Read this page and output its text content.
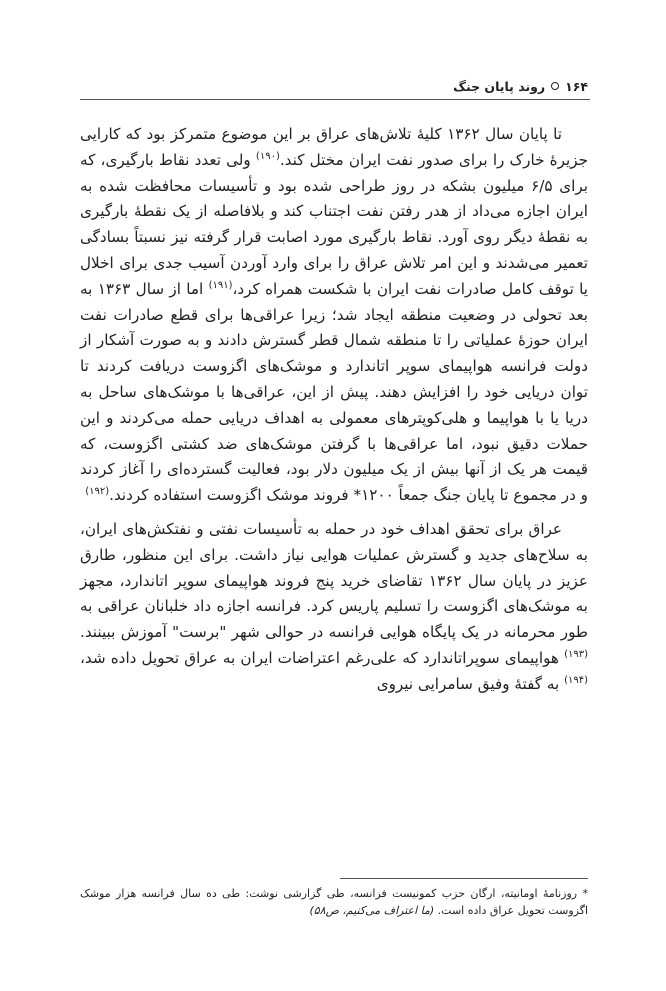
۱۶۴
روند پایان جنگ

تا پایان سال ۱۳۶۲ کلیهٔ تلاش‌های عراق بر این موضوع متمرکز بود که کارایی جزیرهٔ خارک را برای صدور نفت ایران مختل کند.$^{(۱۹۰)}$ ولی تعدد نقاط بارگیری، که برای ۶/۵ میلیون بشکه در روز طراحی شده بود و تأسیسات محافظت شده به ایران اجازه می‌داد از هدر رفتن نفت اجتناب کند و بلافاصله از یک نقطهٔ بارگیری به نقطهٔ دیگر روی آورد. نقاط بارگیری مورد اصابت قرار گرفته نیز نسبتاً بسادگی تعمیر می‌شدند و این امر تلاش عراق را برای وارد آوردن آسیب جدی برای اخلال یا توقف کامل صادرات نفت ایران با شکست همراه کرد،$^{(۱۹۱)}$ اما از سال ۱۳۶۳ به بعد تحولی در وضعیت منطقه ایجاد شد؛ زیرا عراقی‌ها برای قطع صادرات نفت ایران حوزهٔ عملیاتی را تا منطقه شمال قطر گسترش دادند و به صورت آشکار از دولت فرانسه هواپیمای سوپر اتاندارد و موشک‌های اگزوست دریافت کردند تا توان دریایی خود را افزایش دهند. پیش از این، عراقی‌ها با موشک‌های ساحل به دریا یا با هواپیما و هلی‌کوپترهای معمولی به اهداف دریایی حمله می‌کردند و این حملات دقیق نبود، اما عراقی‌ها با گرفتن موشک‌های ضد کشتی اگزوست، که قیمت هر یک از آنها بیش از یک میلیون دلار بود، فعالیت گسترده‌ای را آغاز کردند و در مجموع تا پایان جنگ جمعاً ۱۲۰۰* فروند موشک اگزوست استفاده کردند.$^{(۱۹۲)}$

عراق برای تحقق اهداف خود در حمله به تأسیسات نفتی و نفتکش‌های ایران، به سلاح‌های جدید و گسترش عملیات هوایی نیاز داشت. برای این منظور، طارق عزیز در پایان سال ۱۳۶۲ تقاضای خرید پنج فروند هواپیمای سوپر اتاندارد، مجهز به موشک‌های اگزوست را تسلیم پاریس کرد. فرانسه اجازه داد خلبانان عراقی به طور محرمانه در یک پایگاه هوایی فرانسه در حوالی شهر "برست" آموزش ببینند.$^{(۱۹۳)}$ هواپیمای سوپراتاندارد که علی‌رغم اعتراضات ایران به عراق تحویل داده شد،$^{(۱۹۴)}$ به گفتهٔ وفیق سامرایی نیروی

* روزنامهٔ اومانیته، ارگان حزب کمونیست فرانسه، طی گزارشی نوشت: طی ده سال فرانسه هزار موشک اگزوست تحویل عراق داده است. (ما اعتراف می‌کنیم، ص۵۸)
